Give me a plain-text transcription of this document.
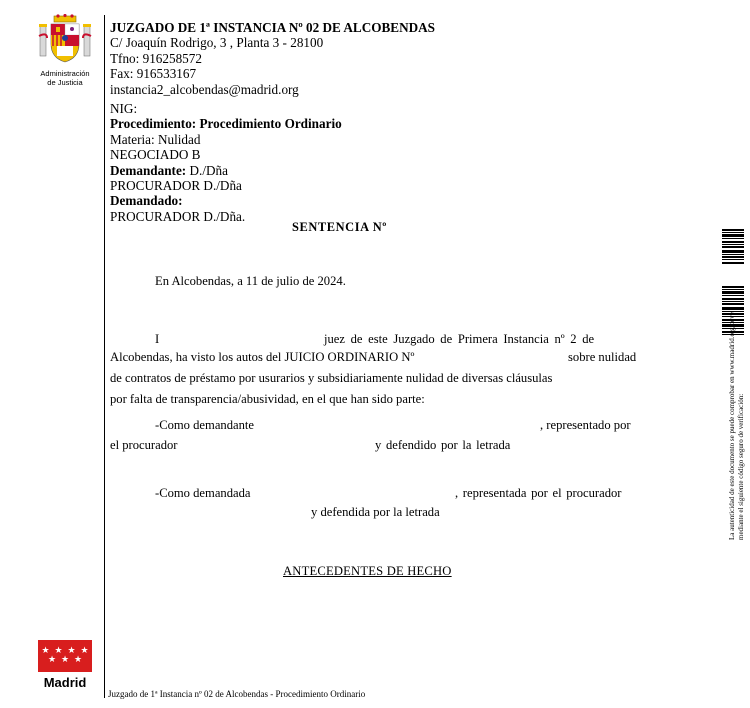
Administración
de Justicia
JUZGADO DE 1ª INSTANCIA Nº 02 DE ALCOBENDAS
C/ Joaquín Rodrigo, 3 , Planta 3 - 28100
Tfno: 916258572
Fax: 916533167
instancia2_alcobendas@madrid.org
NIG:
Procedimiento: Procedimiento Ordinario
Materia: Nulidad
NEGOCIADO B
Demandante: D./Dña
PROCURADOR D./Dña
Demandado:
PROCURADOR D./Dña.
SENTENCIA Nº
En Alcobendas, a 11 de julio de 2024.
I	juez de este Juzgado de Primera Instancia nº 2 de
Alcobendas, ha visto los autos del JUICIO ORDINARIO Nº	sobre nulidad
de contratos de préstamo por usurarios y subsidiariamente nulidad de diversas cláusulas
por falta de transparencia/abusividad, en el que han sido parte:
-Como demandante	, representado por
el procurador	y defendido por la letrada
-Como demandada	, representada por el procurador
y defendida por la letrada
ANTECEDENTES DE HECHO
★ ★ ★ ★
★ ★ ★
Madrid
Juzgado de 1ª Instancia nº 02 de Alcobendas - Procedimiento Ordinario
La autenticidad de este documento se puede comprobar en www.madrid.org/cove mediante el siguiente código seguro de verificación:
